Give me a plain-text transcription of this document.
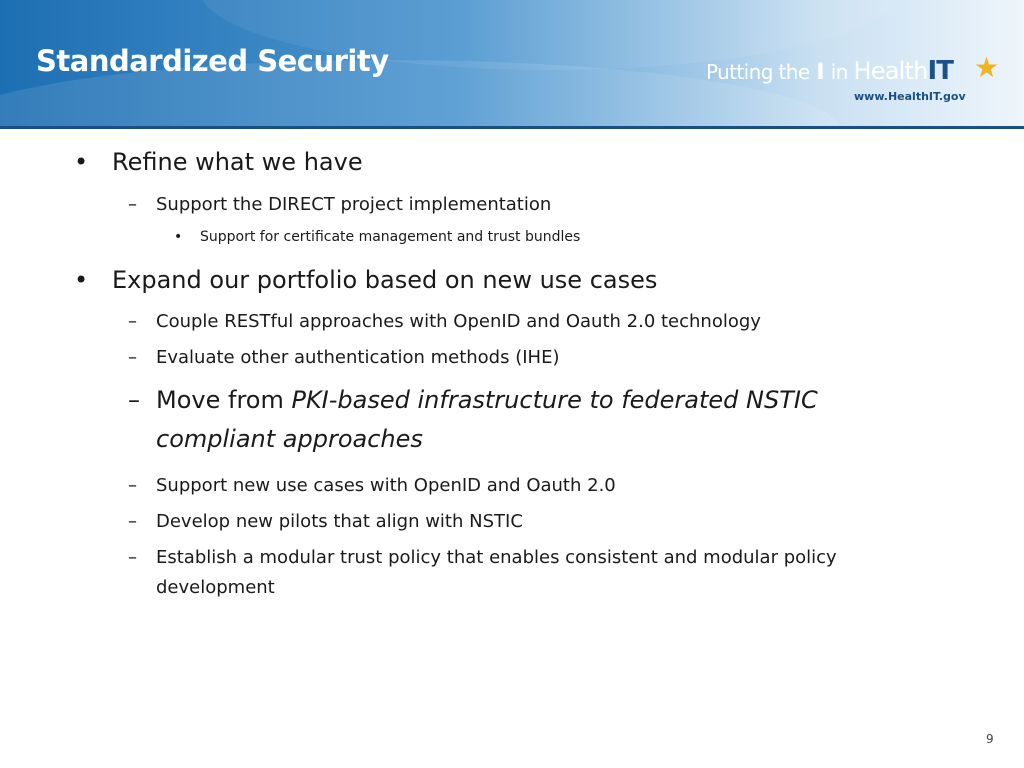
Standardized Security	Putting the I in HealthIT ★
www.HealthIT.gov
• Refine what we have
– Support the DIRECT project implementation
• Support for certificate management and trust bundles
• Expand our portfolio based on new use cases
– Couple RESTful approaches with OpenID and Oauth 2.0 technology
– Evaluate other authentication methods (IHE)
– Move from PKI-based infrastructure to federated NSTIC
compliant approaches
– Support new use cases with OpenID and Oauth 2.0
– Develop new pilots that align with NSTIC
– Establish a modular trust policy that enables consistent and modular policy
development
9
